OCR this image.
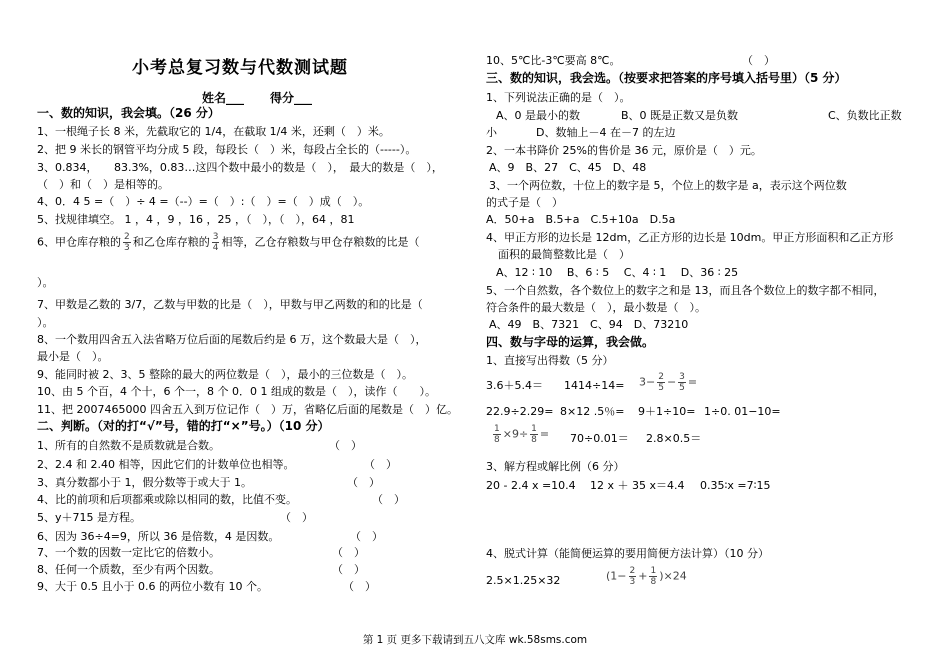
小考总复习数与代数测试题
姓名___ 得分___
一、数的知识，我会填。（26 分）
1、一根绳子长 8 米，先截取它的 1/4，在截取 1/4 米，还剩（　）米。
2、把 9 米长的钢管平均分成 5 段，每段长（　）米，每段占全长的（-----）。
3、0.834，　　83.3%，0.83…这四个数中最小的数是（　），　最大的数是（　），
（　）和（　）是相等的。
4、0．4 5 =（　）÷ 4 =（--）=（　）:（　）=（　）成（　）。
5、找规律填空。 1 ，4 ，9 ，16 ，25 ，（　），（　），64 ，81
6、甲仓库存粮的 $\frac{2}{3}$ 和乙仓库存粮的 $\frac{3}{4}$ 相等，乙仓存粮数与甲仓存粮数的比是（
）。
7、甲数是乙数的 3/7，乙数与甲数的比是（　），甲数与甲乙两数的和的比是（
）。
8、一个数用四舍五入法省略万位后面的尾数后约是 6 万，这个数最大是（　），
最小是（　）。
9、能同时被 2、3、5 整除的最大的两位数是（　），最小的三位数是（　）。
10、由 5 个百，4 个十，6 个一，8 个 0．0 1 组成的数是（　），读作（　　）。
11、把 2007465000 四舍五入到万位记作（　）万，省略亿后面的尾数是（　）亿。
二、判断。（对的打“√”号，错的打“×”号。）（10 分）
1、所有的自然数不是质数就是合数。	（　）
2、2.4 和 2.40 相等，因此它们的计数单位也相等。	（　）
3、真分数都小于 1，假分数等于或大于 1。	（　）
4、比的前项和后项都乘或除以相同的数，比值不变。	（　）
5、y＋715 是方程。	（　）
6、因为 36÷4=9，所以 36 是倍数，4 是因数。	（　）
7、一个数的因数一定比它的倍数小。	（　）
8、任何一个质数，至少有两个因数。	（　）
9、大于 0.5 且小于 0.6 的两位小数有 10 个。	（　）
10、5℃比-3℃要高 8℃。	（　）
三、数的知识，我会选。（按要求把答案的序号填入括号里）（5 分）
1、下列说法正确的是（　）。
A、0 是最小的数	B、0 既是正数又是负数	C、负数比正数
小	D、数轴上－4 在－7 的左边
2、一本书降价 25%的售价是 36 元，原价是（　）元。
A、9　B、27　C、45　D、48
3、一个两位数，十位上的数字是 5，个位上的数字是 a，表示这个两位数
的式子是（　）
A．50+a　B.5+a　C.5+10a　D.5a
4、甲正方形的边长是 12dm，乙正方形的边长是 10dm。甲正方形面积和乙正方形
面积的最简整数比是（　）
A、12 ∶ 10　 B、6 ∶ 5　 C、4 ∶ 1　 D、36 ∶ 25
5、一个自然数，各个数位上的数字之和是 13，而且各个数位上的数字都不相同，
符合条件的最大数是（　），最小数是（　）。
A、49　B、7321　C、94　D、73210
四、数与字母的运算，我会做。
1、直接写出得数（5 分）
$3.6+5.4= 1414\div 14= 3- \frac{2}{5} - \frac{3}{5}$ =
22.9÷2.29= 8×12 .5％= 9＋1÷10= 1÷0. 01−10=
$\frac{1}{8} \times 9\div \frac{1}{8} = 70\div 0.01= 2.8\times 0.5=$
3、解方程或解比例（6 分）
20 - 2.4 x =10.4 12 x ＋ 35 x＝4.4 0.35∶x =7∶15
4、脱式计算（能简便运算的要用简便方法计算）（10 分）
2.5×1.25×32	$(1- \frac{2}{3} + \frac{1}{8} )\times 24$
第 1 页 更多下载请到五八文库 wk.58sms.com
